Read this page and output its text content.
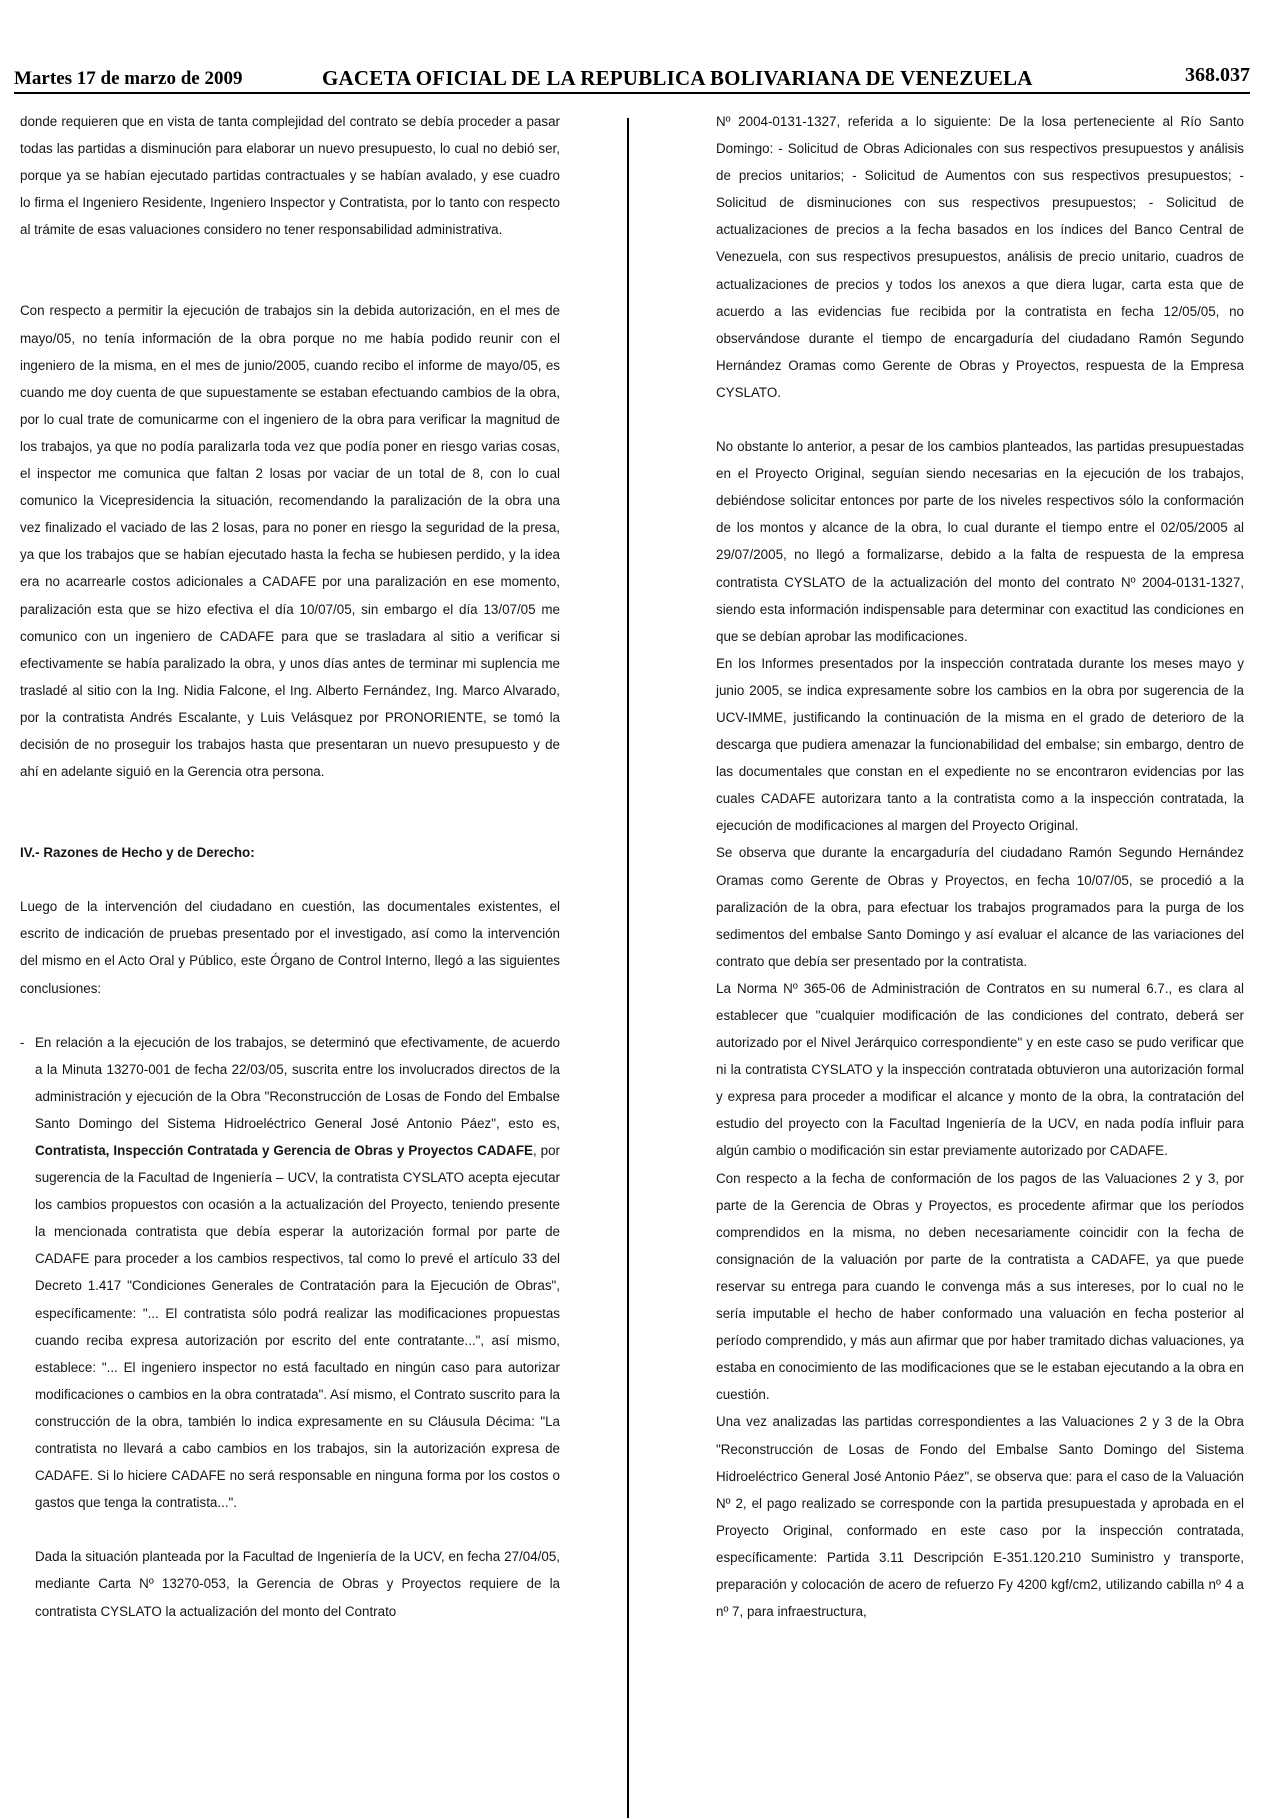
Martes 17 de marzo de 2009	GACETA OFICIAL DE LA REPUBLICA BOLIVARIANA DE VENEZUELA	368.037

donde requieren que en vista de tanta complejidad del contrato se debía proceder a pasar todas las partidas a disminución para elaborar un nuevo presupuesto, lo cual no debió ser, porque ya se habían ejecutado partidas contractuales y se habían avalado, y ese cuadro lo firma el Ingeniero Residente, Ingeniero Inspector y Contratista, por lo tanto con respecto al trámite de esas valuaciones considero no tener responsabilidad administrativa.

Con respecto a permitir la ejecución de trabajos sin la debida autorización, en el mes de mayo/05, no tenía información de la obra porque no me había podido reunir con el ingeniero de la misma, en el mes de junio/2005, cuando recibo el informe de mayo/05, es cuando me doy cuenta de que supuestamente se estaban efectuando cambios de la obra, por lo cual trate de comunicarme con el ingeniero de la obra para verificar la magnitud de los trabajos, ya que no podía paralizarla toda vez que podía poner en riesgo varias cosas, el inspector me comunica que faltan 2 losas por vaciar de un total de 8, con lo cual comunico la Vicepresidencia la situación, recomendando la paralización de la obra una vez finalizado el vaciado de las 2 losas, para no poner en riesgo la seguridad de la presa, ya que los trabajos que se habían ejecutado hasta la fecha se hubiesen perdido, y la idea era no acarrearle costos adicionales a CADAFE por una paralización en ese momento, paralización esta que se hizo efectiva el día 10/07/05, sin embargo el día 13/07/05 me comunico con un ingeniero de CADAFE para que se trasladara al sitio a verificar si efectivamente se había paralizado la obra, y unos días antes de terminar mi suplencia me trasladé al sitio con la Ing. Nidia Falcone, el Ing. Alberto Fernández, Ing. Marco Alvarado, por la contratista Andrés Escalante, y Luis Velásquez por PRONORIENTE, se tomó la decisión de no proseguir los trabajos hasta que presentaran un nuevo presupuesto y de ahí en adelante siguió en la Gerencia otra persona.

IV.- Razones de Hecho y de Derecho:

Luego de la intervención del ciudadano en cuestión, las documentales existentes, el escrito de indicación de pruebas presentado por el investigado, así como la intervención del mismo en el Acto Oral y Público, este Órgano de Control Interno, llegó a las siguientes conclusiones:

- En relación a la ejecución de los trabajos, se determinó que efectivamente, de acuerdo a la Minuta 13270-001 de fecha 22/03/05, suscrita entre los involucrados directos de la administración y ejecución de la Obra "Reconstrucción de Losas de Fondo del Embalse Santo Domingo del Sistema Hidroeléctrico General José Antonio Páez", esto es, Contratista, Inspección Contratada y Gerencia de Obras y Proyectos CADAFE, por sugerencia de la Facultad de Ingeniería – UCV, la contratista CYSLATO acepta ejecutar los cambios propuestos con ocasión a la actualización del Proyecto, teniendo presente la mencionada contratista que debía esperar la autorización formal por parte de CADAFE para proceder a los cambios respectivos, tal como lo prevé el artículo 33 del Decreto 1.417 "Condiciones Generales de Contratación para la Ejecución de Obras", específicamente: "... El contratista sólo podrá realizar las modificaciones propuestas cuando reciba expresa autorización por escrito del ente contratante...", así mismo, establece: "... El ingeniero inspector no está facultado en ningún caso para autorizar modificaciones o cambios en la obra contratada". Así mismo, el Contrato suscrito para la construcción de la obra, también lo indica expresamente en su Cláusula Décima: "La contratista no llevará a cabo cambios en los trabajos, sin la autorización expresa de CADAFE. Si lo hiciere CADAFE no será responsable en ninguna forma por los costos o gastos que tenga la contratista...".

Dada la situación planteada por la Facultad de Ingeniería de la UCV, en fecha 27/04/05, mediante Carta Nº 13270-053, la Gerencia de Obras y Proyectos requiere de la contratista CYSLATO la actualización del monto del Contrato

Nº 2004-0131-1327, referida a lo siguiente: De la losa perteneciente al Río Santo Domingo: - Solicitud de Obras Adicionales con sus respectivos presupuestos y análisis de precios unitarios; - Solicitud de Aumentos con sus respectivos presupuestos; - Solicitud de disminuciones con sus respectivos presupuestos; - Solicitud de actualizaciones de precios a la fecha basados en los índices del Banco Central de Venezuela, con sus respectivos presupuestos, análisis de precio unitario, cuadros de actualizaciones de precios y todos los anexos a que diera lugar, carta esta que de acuerdo a las evidencias fue recibida por la contratista en fecha 12/05/05, no observándose durante el tiempo de encargaduría del ciudadano Ramón Segundo Hernández Oramas como Gerente de Obras y Proyectos, respuesta de la Empresa CYSLATO.

No obstante lo anterior, a pesar de los cambios planteados, las partidas presupuestadas en el Proyecto Original, seguían siendo necesarias en la ejecución de los trabajos, debiéndose solicitar entonces por parte de los niveles respectivos sólo la conformación de los montos y alcance de la obra, lo cual durante el tiempo entre el 02/05/2005 al 29/07/2005, no llegó a formalizarse, debido a la falta de respuesta de la empresa contratista CYSLATO de la actualización del monto del contrato Nº 2004-0131-1327, siendo esta información indispensable para determinar con exactitud las condiciones en que se debían aprobar las modificaciones.

En los Informes presentados por la inspección contratada durante los meses mayo y junio 2005, se indica expresamente sobre los cambios en la obra por sugerencia de la UCV-IMME, justificando la continuación de la misma en el grado de deterioro de la descarga que pudiera amenazar la funcionabilidad del embalse; sin embargo, dentro de las documentales que constan en el expediente no se encontraron evidencias por las cuales CADAFE autorizara tanto a la contratista como a la inspección contratada, la ejecución de modificaciones al margen del Proyecto Original.

Se observa que durante la encargaduría del ciudadano Ramón Segundo Hernández Oramas como Gerente de Obras y Proyectos, en fecha 10/07/05, se procedió a la paralización de la obra, para efectuar los trabajos programados para la purga de los sedimentos del embalse Santo Domingo y así evaluar el alcance de las variaciones del contrato que debía ser presentado por la contratista.

La Norma Nº 365-06 de Administración de Contratos en su numeral 6.7., es clara al establecer que "cualquier modificación de las condiciones del contrato, deberá ser autorizado por el Nivel Jerárquico correspondiente" y en este caso se pudo verificar que ni la contratista CYSLATO y la inspección contratada obtuvieron una autorización formal y expresa para proceder a modificar el alcance y monto de la obra, la contratación del estudio del proyecto con la Facultad Ingeniería de la UCV, en nada podía influir para algún cambio o modificación sin estar previamente autorizado por CADAFE.

Con respecto a la fecha de conformación de los pagos de las Valuaciones 2 y 3, por parte de la Gerencia de Obras y Proyectos, es procedente afirmar que los períodos comprendidos en la misma, no deben necesariamente coincidir con la fecha de consignación de la valuación por parte de la contratista a CADAFE, ya que puede reservar su entrega para cuando le convenga más a sus intereses, por lo cual no le sería imputable el hecho de haber conformado una valuación en fecha posterior al período comprendido, y más aun afirmar que por haber tramitado dichas valuaciones, ya estaba en conocimiento de las modificaciones que se le estaban ejecutando a la obra en cuestión.

Una vez analizadas las partidas correspondientes a las Valuaciones 2 y 3 de la Obra "Reconstrucción de Losas de Fondo del Embalse Santo Domingo del Sistema Hidroeléctrico General José Antonio Páez", se observa que: para el caso de la Valuación Nº 2, el pago realizado se corresponde con la partida presupuestada y aprobada en el Proyecto Original, conformado en este caso por la inspección contratada, específicamente: Partida 3.11 Descripción E-351.120.210 Suministro y transporte, preparación y colocación de acero de refuerzo Fy 4200 kgf/cm2, utilizando cabilla nº 4 a nº 7, para infraestructura,
